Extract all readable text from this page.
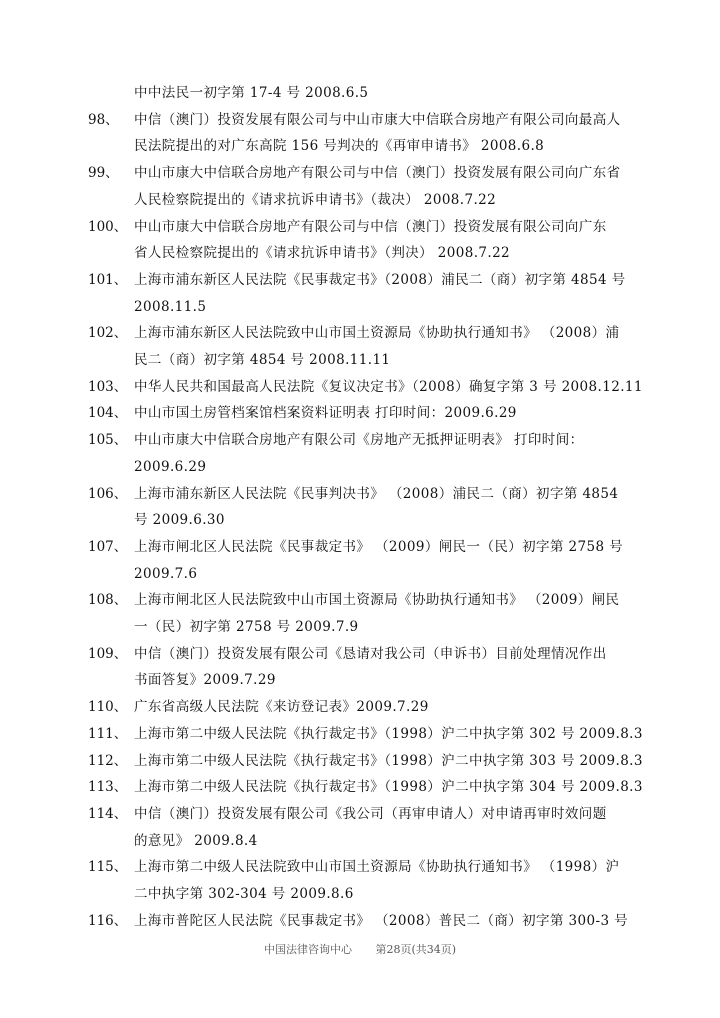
中中法民一初字第 17-4 号 2008.6.5
98、 中信（澳门）投资发展有限公司与中山市康大中信联合房地产有限公司向最高人
民法院提出的对广东高院 156 号判决的《再审申请书》 2008.6.8
99、 中山市康大中信联合房地产有限公司与中信（澳门）投资发展有限公司向广东省
人民检察院提出的《请求抗诉申请书》（裁决） 2008.7.22
100、 中山市康大中信联合房地产有限公司与中信（澳门）投资发展有限公司向广东
省人民检察院提出的《请求抗诉申请书》（判决） 2008.7.22
101、 上海市浦东新区人民法院《民事裁定书》（2008）浦民二（商）初字第 4854 号
2008.11.5
102、 上海市浦东新区人民法院致中山市国土资源局《协助执行通知书》 （2008）浦
民二（商）初字第 4854 号 2008.11.11
103、 中华人民共和国最高人民法院《复议决定书》（2008）确复字第 3 号 2008.12.11
104、 中山市国土房管档案馆档案资料证明表 打印时间：2009.6.29
105、 中山市康大中信联合房地产有限公司《房地产无抵押证明表》 打印时间：
2009.6.29
106、 上海市浦东新区人民法院《民事判决书》 （2008）浦民二（商）初字第 4854
号 2009.6.30
107、 上海市闸北区人民法院《民事裁定书》 （2009）闸民一（民）初字第 2758 号
2009.7.6
108、 上海市闸北区人民法院致中山市国土资源局《协助执行通知书》 （2009）闸民
一（民）初字第 2758 号 2009.7.9
109、 中信（澳门）投资发展有限公司《恳请对我公司（申诉书）目前处理情况作出
书面答复》2009.7.29
110、 广东省高级人民法院《来访登记表》2009.7.29
111、 上海市第二中级人民法院《执行裁定书》（1998）沪二中执字第 302 号 2009.8.3
112、 上海市第二中级人民法院《执行裁定书》（1998）沪二中执字第 303 号 2009.8.3
113、 上海市第二中级人民法院《执行裁定书》（1998）沪二中执字第 304 号 2009.8.3
114、 中信（澳门）投资发展有限公司《我公司（再审申请人）对申请再审时效问题
的意见》 2009.8.4
115、 上海市第二中级人民法院致中山市国土资源局《协助执行通知书》 （1998）沪
二中执字第 302-304 号 2009.8.6
116、 上海市普陀区人民法院《民事裁定书》 （2008）普民二（商）初字第 300-3 号
中国法律咨询中心 第28页(共34页)
